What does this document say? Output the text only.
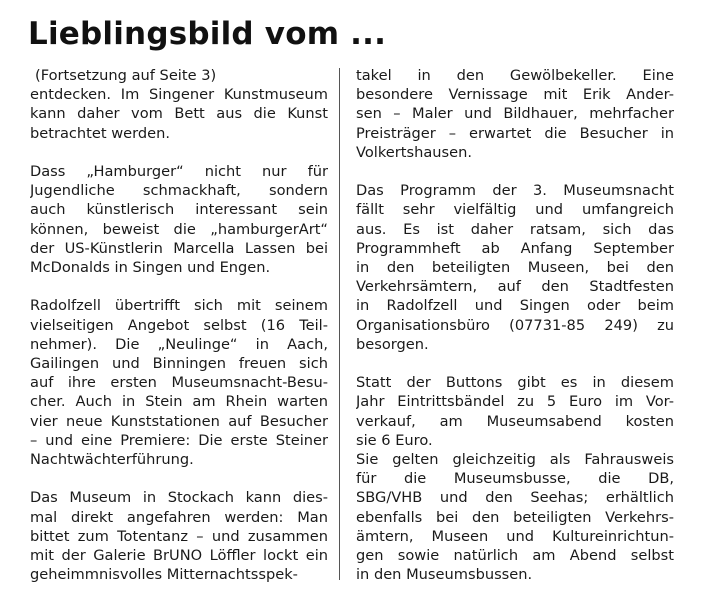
Lieblingsbild vom ...
(Fortsetzung auf Seite 3)

entdecken. Im Singener Kunstmuseum
kann daher vom Bett aus die Kunst
betrachtet werden.

Dass „Hamburger“ nicht nur für
Jugendliche schmackhaft, sondern
auch künstlerisch interessant sein
können, beweist die „hamburgerArt“
der US-Künstlerin Marcella Lassen bei
McDonalds in Singen und Engen.

Radolfzell übertrifft sich mit seinem
vielseitigen Angebot selbst (16 Teil-
nehmer). Die „Neulinge“ in Aach,
Gailingen und Binningen freuen sich
auf ihre ersten Museumsnacht-Besu-
cher. Auch in Stein am Rhein warten
vier neue Kunststationen auf Besucher
– und eine Premiere: Die erste Steiner
Nachtwächterführung.

Das Museum in Stockach kann dies-
mal direkt angefahren werden: Man
bittet zum Totentanz – und zusammen
mit der Galerie BrUNO Löffler lockt ein
geheimmnisvolles Mitternachtsspek-

takel in den Gewölbekeller. Eine
besondere Vernissage mit Erik Ander-
sen – Maler und Bildhauer, mehrfacher
Preisträger – erwartet die Besucher in
Volkertshausen.

Das Programm der 3. Museumsnacht
fällt sehr vielfältig und umfangreich
aus. Es ist daher ratsam, sich das
Programmheft ab Anfang September
in den beteiligten Museen, bei den
Verkehrsämtern, auf den Stadtfesten
in Radolfzell und Singen oder beim
Organisationsbüro (07731-85 249) zu
besorgen.

Statt der Buttons gibt es in diesem
Jahr Eintrittsbändel zu 5 Euro im Vor-
verkauf, am Museumsabend kosten
sie 6 Euro.

Sie gelten gleichzeitig als Fahrausweis
für die Museumsbusse, die DB,
SBG/VHB und den Seehas; erhältlich
ebenfalls bei den beteiligten Verkehrs-
ämtern, Museen und Kultureinrichtun-
gen sowie natürlich am Abend selbst
in den Museumsbussen.
